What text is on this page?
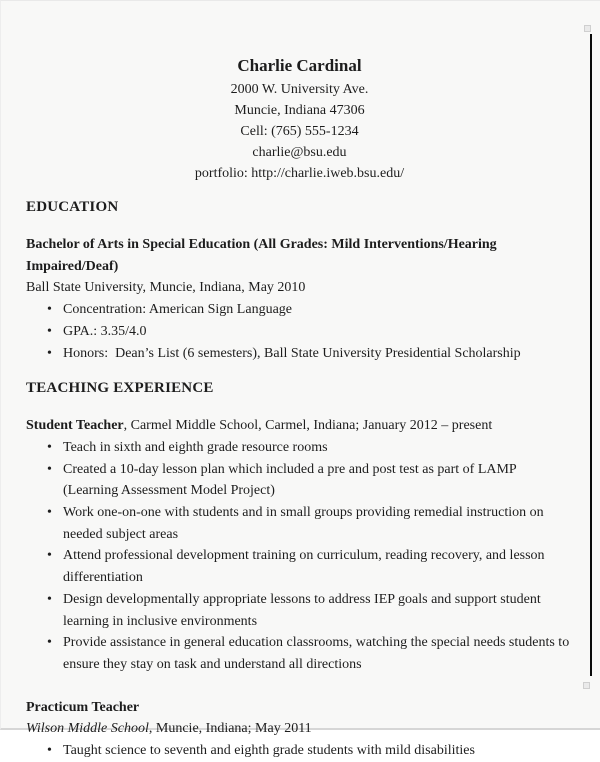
Charlie Cardinal
2000 W. University Ave.
Muncie, Indiana 47306
Cell: (765) 555-1234
charlie@bsu.edu
portfolio: http://charlie.iweb.bsu.edu/
EDUCATION

Bachelor of Arts in Special Education (All Grades: Mild Interventions/Hearing Impaired/Deaf)

Ball State University, Muncie, Indiana, May 2010

• Concentration: American Sign Language
• GPA.: 3.35/4.0
• Honors:  Dean’s List (6 semesters), Ball State University Presidential Scholarship
TEACHING EXPERIENCE

Student Teacher, Carmel Middle School, Carmel, Indiana; January 2012 – present

• Teach in sixth and eighth grade resource rooms
• Created a 10-day lesson plan which included a pre and post test as part of LAMP (Learning Assessment Model Project)
• Work one-on-one with students and in small groups providing remedial instruction on needed subject areas
• Attend professional development training on curriculum, reading recovery, and lesson differentiation
• Design developmentally appropriate lessons to address IEP goals and support student learning in inclusive environments
• Provide assistance in general education classrooms, watching the special needs students to ensure they stay on task and understand all directions

Practicum Teacher

Wilson Middle School, Muncie, Indiana; May 2011

• Taught science to seventh and eighth grade students with mild disabilities
